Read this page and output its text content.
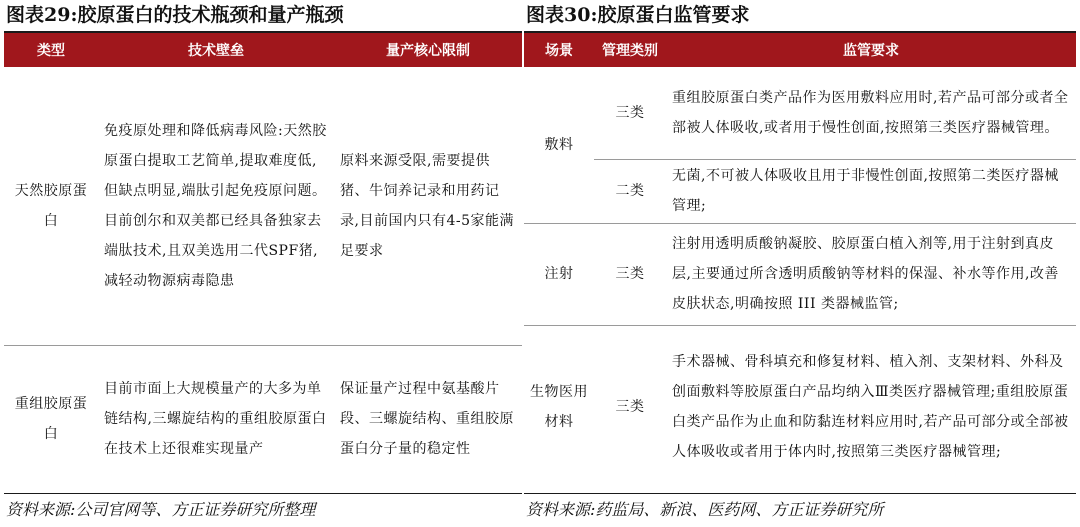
图表29:胶原蛋白的技术瓶颈和量产瓶颈
类型	技术壁垒	量产核心限制
天然胶原蛋白	免疫原处理和降低病毒风险:天然胶原蛋白提取工艺简单,提取难度低,但缺点明显,端肽引起免疫原问题。目前创尔和双美都已经具备独家去端肽技术,且双美选用二代SPF猪,减轻动物源病毒隐患	原料来源受限,需要提供猪、牛饲养记录和用药记录,目前国内只有4-5家能满足要求
重组胶原蛋白	目前市面上大规模量产的大多为单链结构,三螺旋结构的重组胶原蛋白在技术上还很难实现量产	保证量产过程中氨基酸片段、三螺旋结构、重组胶原蛋白分子量的稳定性
资料来源:公司官网等、方正证券研究所整理
图表30:胶原蛋白监管要求
场景	管理类别	监管要求
敷料	三类	重组胶原蛋白类产品作为医用敷料应用时,若产品可部分或者全部被人体吸收,或者用于慢性创面,按照第三类医疗器械管理。
	二类	无菌,不可被人体吸收且用于非慢性创面,按照第二类医疗器械管理;
注射	三类	注射用透明质酸钠凝胶、胶原蛋白植入剂等,用于注射到真皮层,主要通过所含透明质酸钠等材料的保湿、补水等作用,改善皮肤状态,明确按照 III 类器械监管;
生物医用材料	三类	手术器械、骨科填充和修复材料、植入剂、支架材料、外科及创面敷料等胶原蛋白产品均纳入Ⅲ类医疗器械管理;重组胶原蛋白类产品作为止血和防黏连材料应用时,若产品可部分或全部被人体吸收或者用于体内时,按照第三类医疗器械管理;
资料来源:药监局、新浪、医药网、方正证券研究所
